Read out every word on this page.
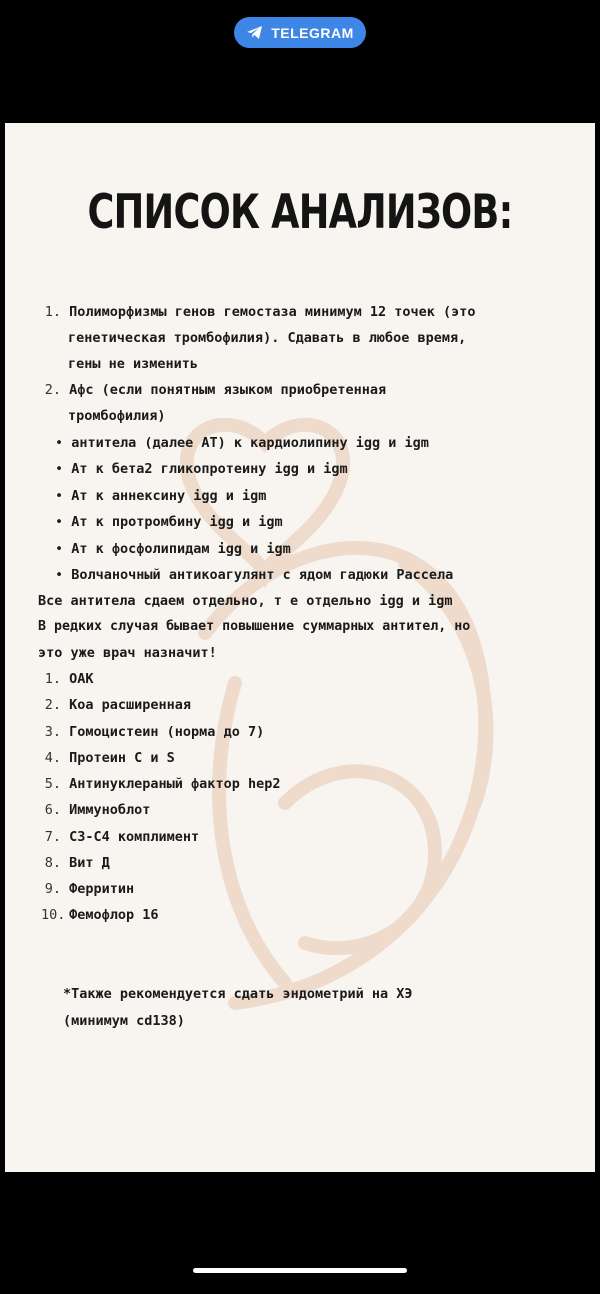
TELEGRAM
СПИСОК АНАЛИЗОВ:

1. Полиморфизмы генов гемостаза минимум 12 точек (это

генетическая тромбофилия). Сдавать в любое время,

гены не изменить

2. Афс (если понятным языком приобретенная

тромбофилия)

• антитела (далее АТ) к кардиолипину igg и igm

• Ат к бета2 гликопротеину igg и igm

• Ат к аннексину igg и igm

• Ат к протромбину igg и igm

• Ат к фосфолипидам igg и igm

• Волчаночный антикоагулянт с ядом гадюки Рассела

Все антитела сдаем отдельно, т е отдельно igg и igm

В редких случая бывает повышение суммарных антител, но

это уже врач назначит!

1. ОАК

2. Коа расширенная

3. Гомоцистеин (норма до 7)

4. Протеин С и S

5. Антинуклераный фактор hep2

6. Иммуноблот

7. С3-С4 комплимент

8. Вит Д

9. Ферритин

10. Фемофлор 16

*Также рекомендуется сдать эндометрий на ХЭ

(минимум cd138)
